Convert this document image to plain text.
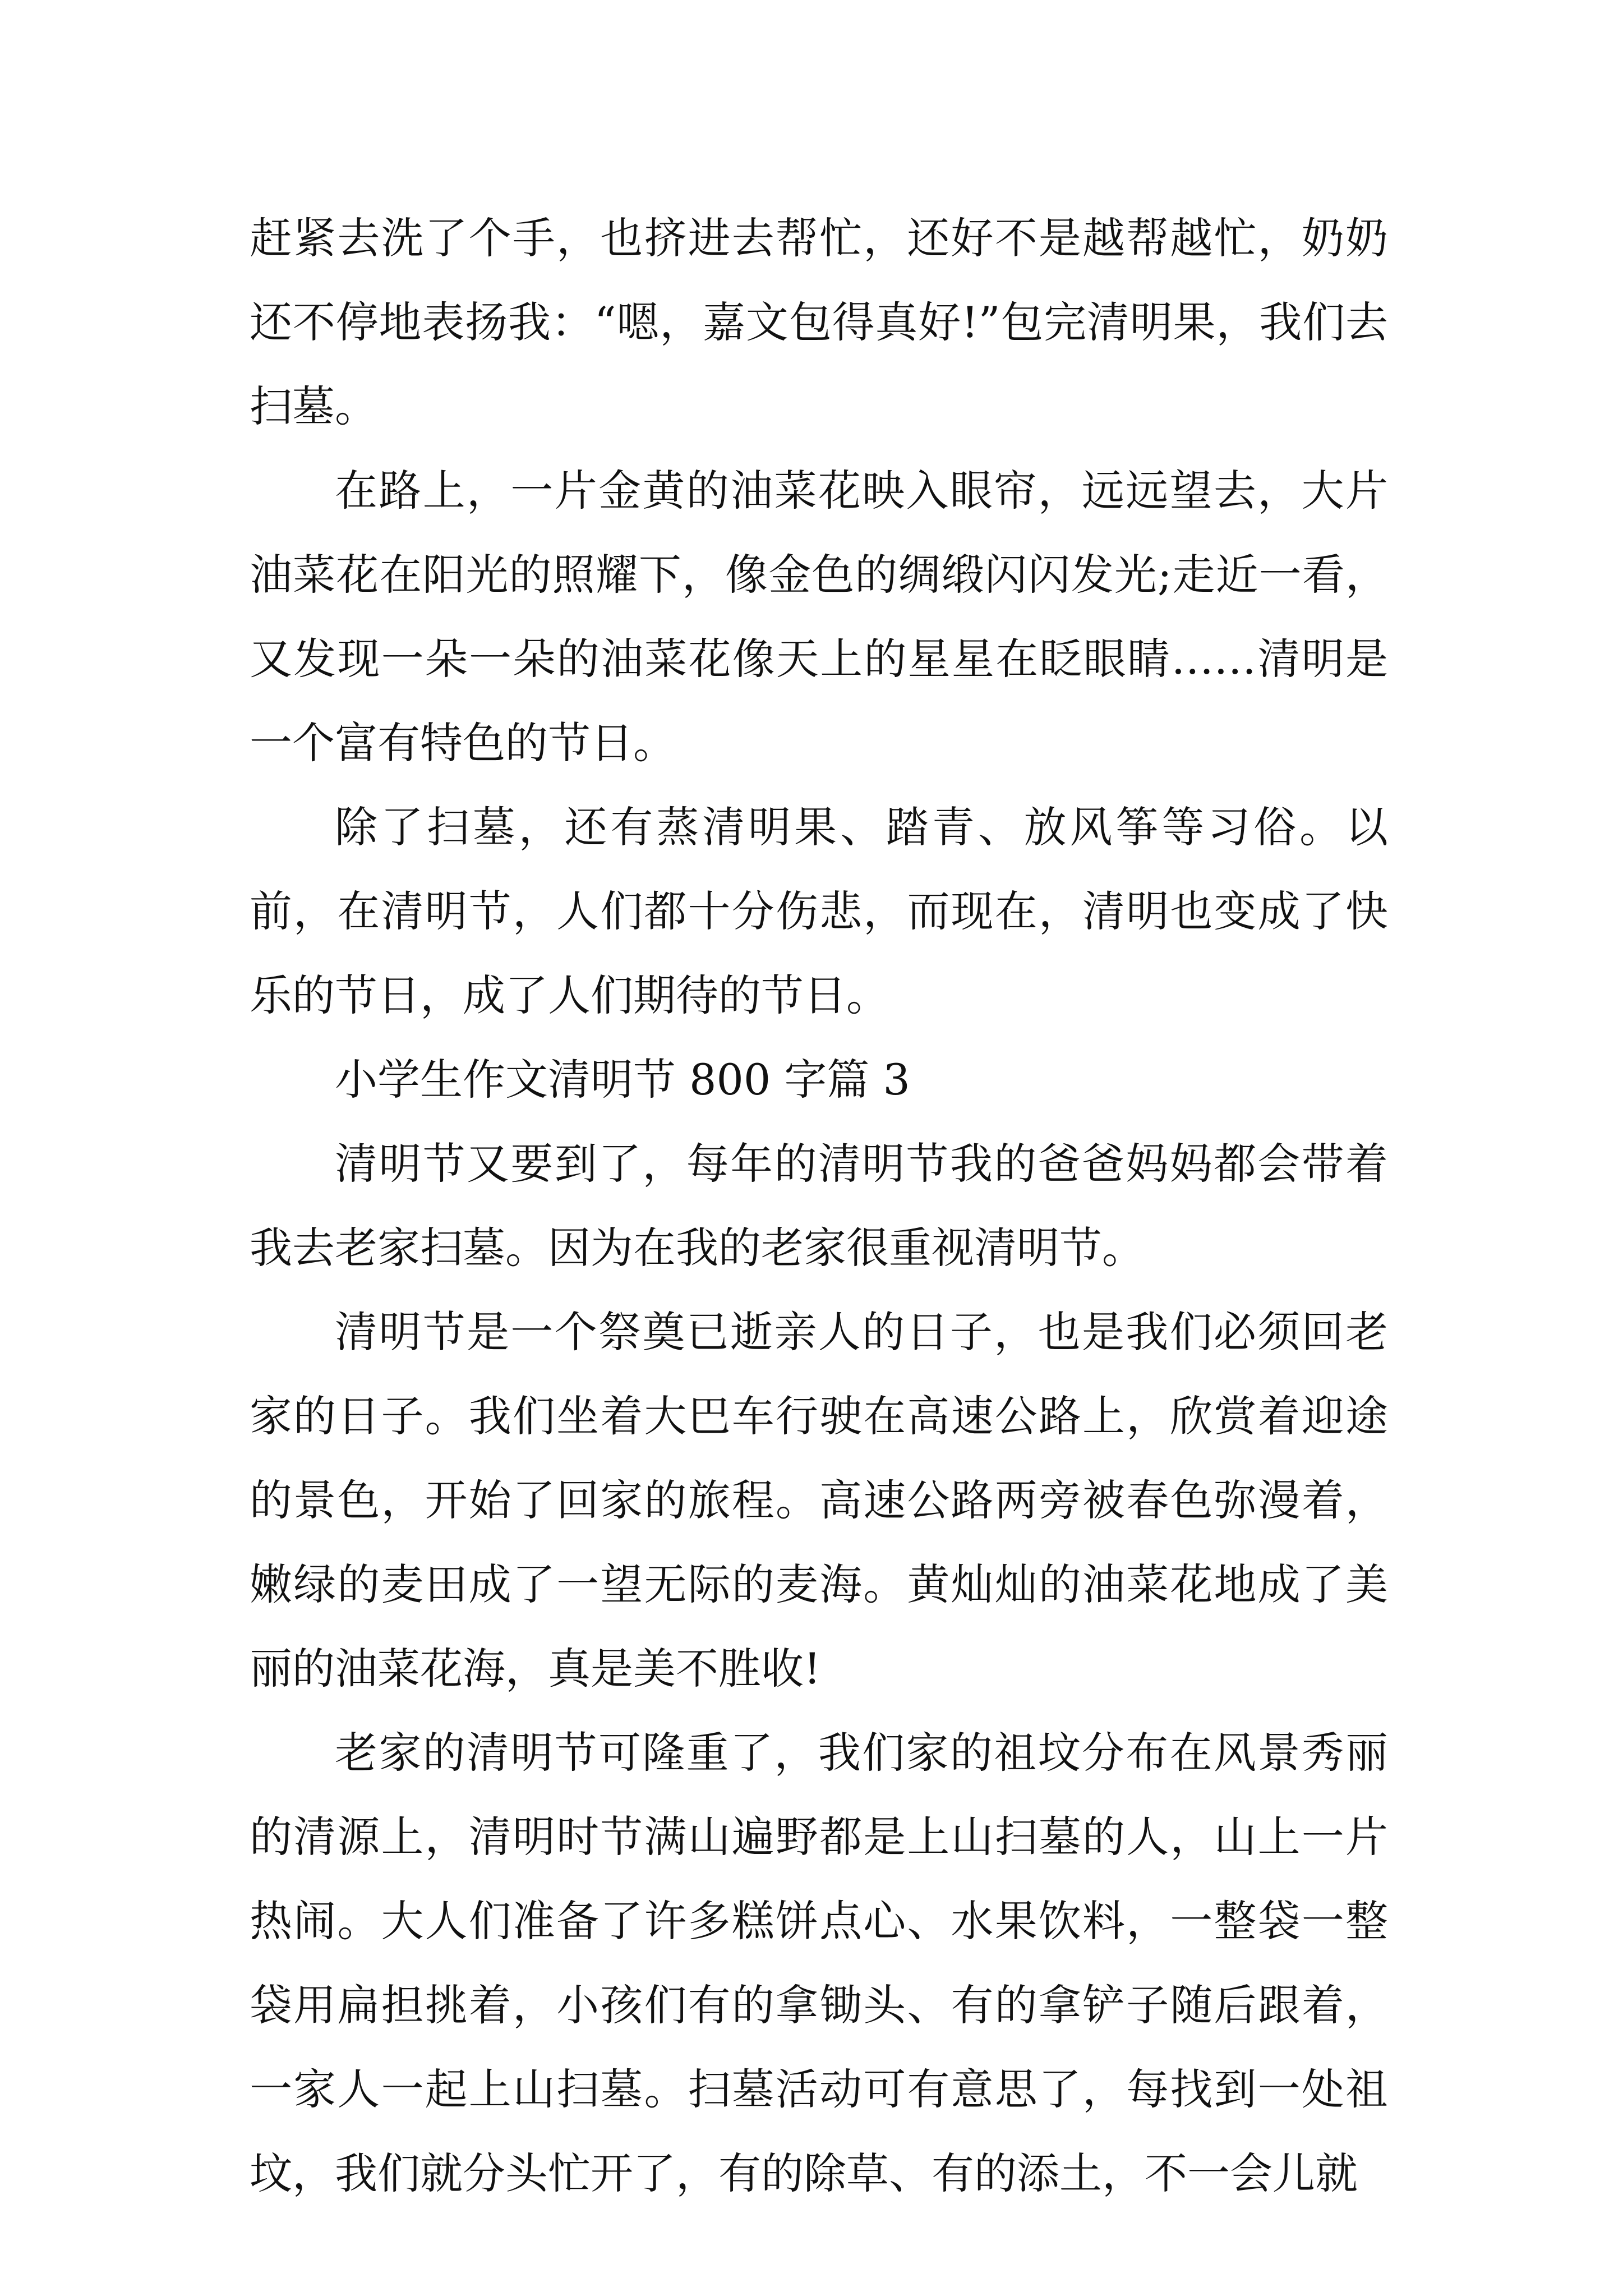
赶紧去洗了个手，也挤进去帮忙，还好不是越帮越忙，奶奶还不停地表扬我：“嗯，嘉文包得真好!”包完清明果，我们去扫墓。

在路上，一片金黄的油菜花映入眼帘，远远望去，大片油菜花在阳光的照耀下，像金色的绸缎闪闪发光;走近一看，又发现一朵一朵的油菜花像天上的星星在眨眼睛……清明是一个富有特色的节日。

除了扫墓，还有蒸清明果、踏青、放风筝等习俗。以前，在清明节，人们都十分伤悲，而现在，清明也变成了快乐的节日，成了人们期待的节日。

小学生作文清明节 800 字篇 3

清明节又要到了，每年的清明节我的爸爸妈妈都会带着我去老家扫墓。因为在我的老家很重视清明节。

清明节是一个祭奠已逝亲人的日子，也是我们必须回老家的日子。我们坐着大巴车行驶在高速公路上，欣赏着迎途的景色，开始了回家的旅程。高速公路两旁被春色弥漫着，嫩绿的麦田成了一望无际的麦海。黄灿灿的油菜花地成了美丽的油菜花海，真是美不胜收!

老家的清明节可隆重了，我们家的祖坟分布在风景秀丽的清源上，清明时节满山遍野都是上山扫墓的人，山上一片热闹。大人们准备了许多糕饼点心、水果饮料，一整袋一整袋用扁担挑着，小孩们有的拿锄头、有的拿铲子随后跟着，一家人一起上山扫墓。扫墓活动可有意思了，每找到一处祖坟，我们就分头忙开了，有的除草、有的添土，不一会儿就
